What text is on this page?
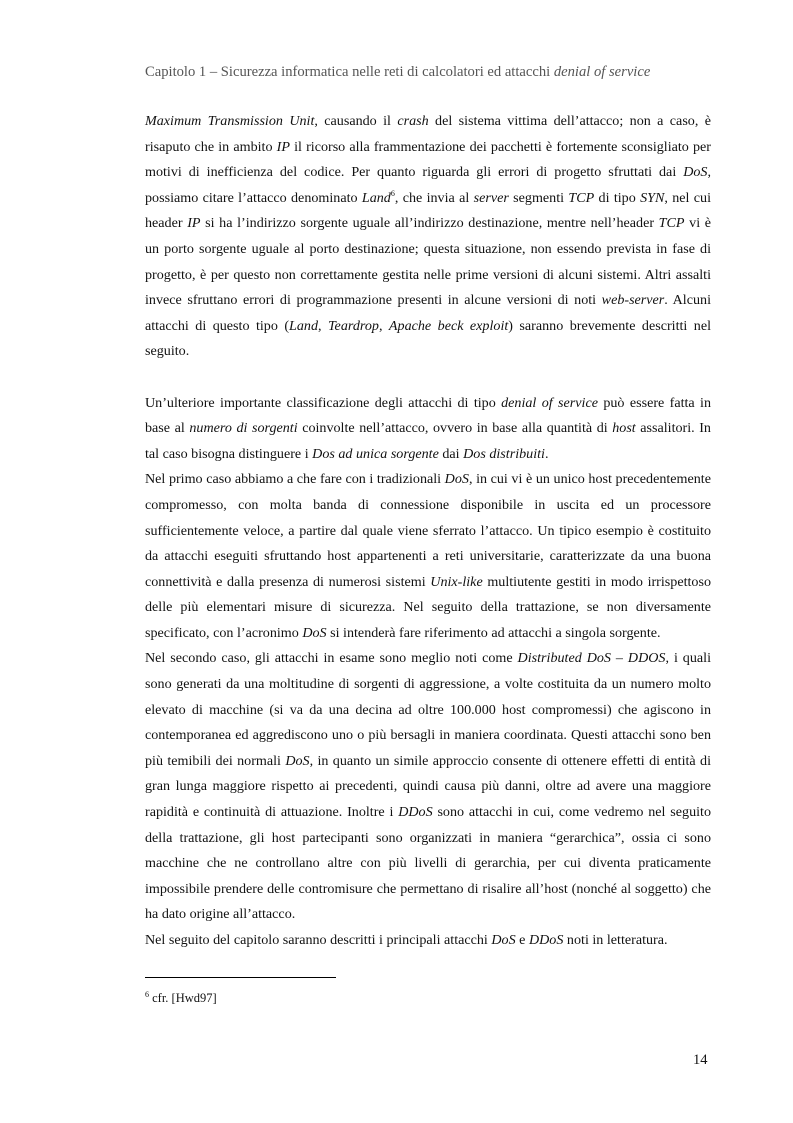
Capitolo 1 – Sicurezza informatica nelle reti di calcolatori ed attacchi denial of service

Maximum Transmission Unit, causando il crash del sistema vittima dell’attacco; non a caso, è risaputo che in ambito IP il ricorso alla frammentazione dei pacchetti è fortemente sconsigliato per motivi di inefficienza del codice. Per quanto riguarda gli errori di progetto sfruttati dai DoS, possiamo citare l’attacco denominato Land$^6$, che invia al server segmenti TCP di tipo SYN, nel cui header IP si ha l’indirizzo sorgente uguale all’indirizzo destinazione, mentre nell’header TCP vi è un porto sorgente uguale al porto destinazione; questa situazione, non essendo prevista in fase di progetto, è per questo non correttamente gestita nelle prime versioni di alcuni sistemi. Altri assalti invece sfruttano errori di programmazione presenti in alcune versioni di noti web-server. Alcuni attacchi di questo tipo (Land, Teardrop, Apache beck exploit) saranno brevemente descritti nel seguito.

Un’ulteriore importante classificazione degli attacchi di tipo denial of service può essere fatta in base al numero di sorgenti coinvolte nell’attacco, ovvero in base alla quantità di host assalitori. In tal caso bisogna distinguere i Dos ad unica sorgente dai Dos distribuiti.

Nel primo caso abbiamo a che fare con i tradizionali DoS, in cui vi è un unico host precedentemente compromesso, con molta banda di connessione disponibile in uscita ed un processore sufficientemente veloce, a partire dal quale viene sferrato l’attacco. Un tipico esempio è costituito da attacchi eseguiti sfruttando host appartenenti a reti universitarie, caratterizzate da una buona connettività e dalla presenza di numerosi sistemi Unix-like multiutente gestiti in modo irrispettoso delle più elementari misure di sicurezza. Nel seguito della trattazione, se non diversamente specificato, con l’acronimo DoS si intenderà fare riferimento ad attacchi a singola sorgente.

Nel secondo caso, gli attacchi in esame sono meglio noti come Distributed DoS – DDOS, i quali sono generati da una moltitudine di sorgenti di aggressione, a volte costituita da un numero molto elevato di macchine (si va da una decina ad oltre 100.000 host compromessi) che agiscono in contemporanea ed aggrediscono uno o più bersagli in maniera coordinata. Questi attacchi sono ben più temibili dei normali DoS, in quanto un simile approccio consente di ottenere effetti di entità di gran lunga maggiore rispetto ai precedenti, quindi causa più danni, oltre ad avere una maggiore rapidità e continuità di attuazione. Inoltre i DDoS sono attacchi in cui, come vedremo nel seguito della trattazione, gli host partecipanti sono organizzati in maniera “gerarchica”, ossia ci sono macchine che ne controllano altre con più livelli di gerarchia, per cui diventa praticamente impossibile prendere delle contromisure che permettano di risalire all’host (nonché al soggetto) che ha dato origine all’attacco.

Nel seguito del capitolo saranno descritti i principali attacchi DoS e DDoS noti in letteratura.

$^6$ cfr. [Hwd97]
14
